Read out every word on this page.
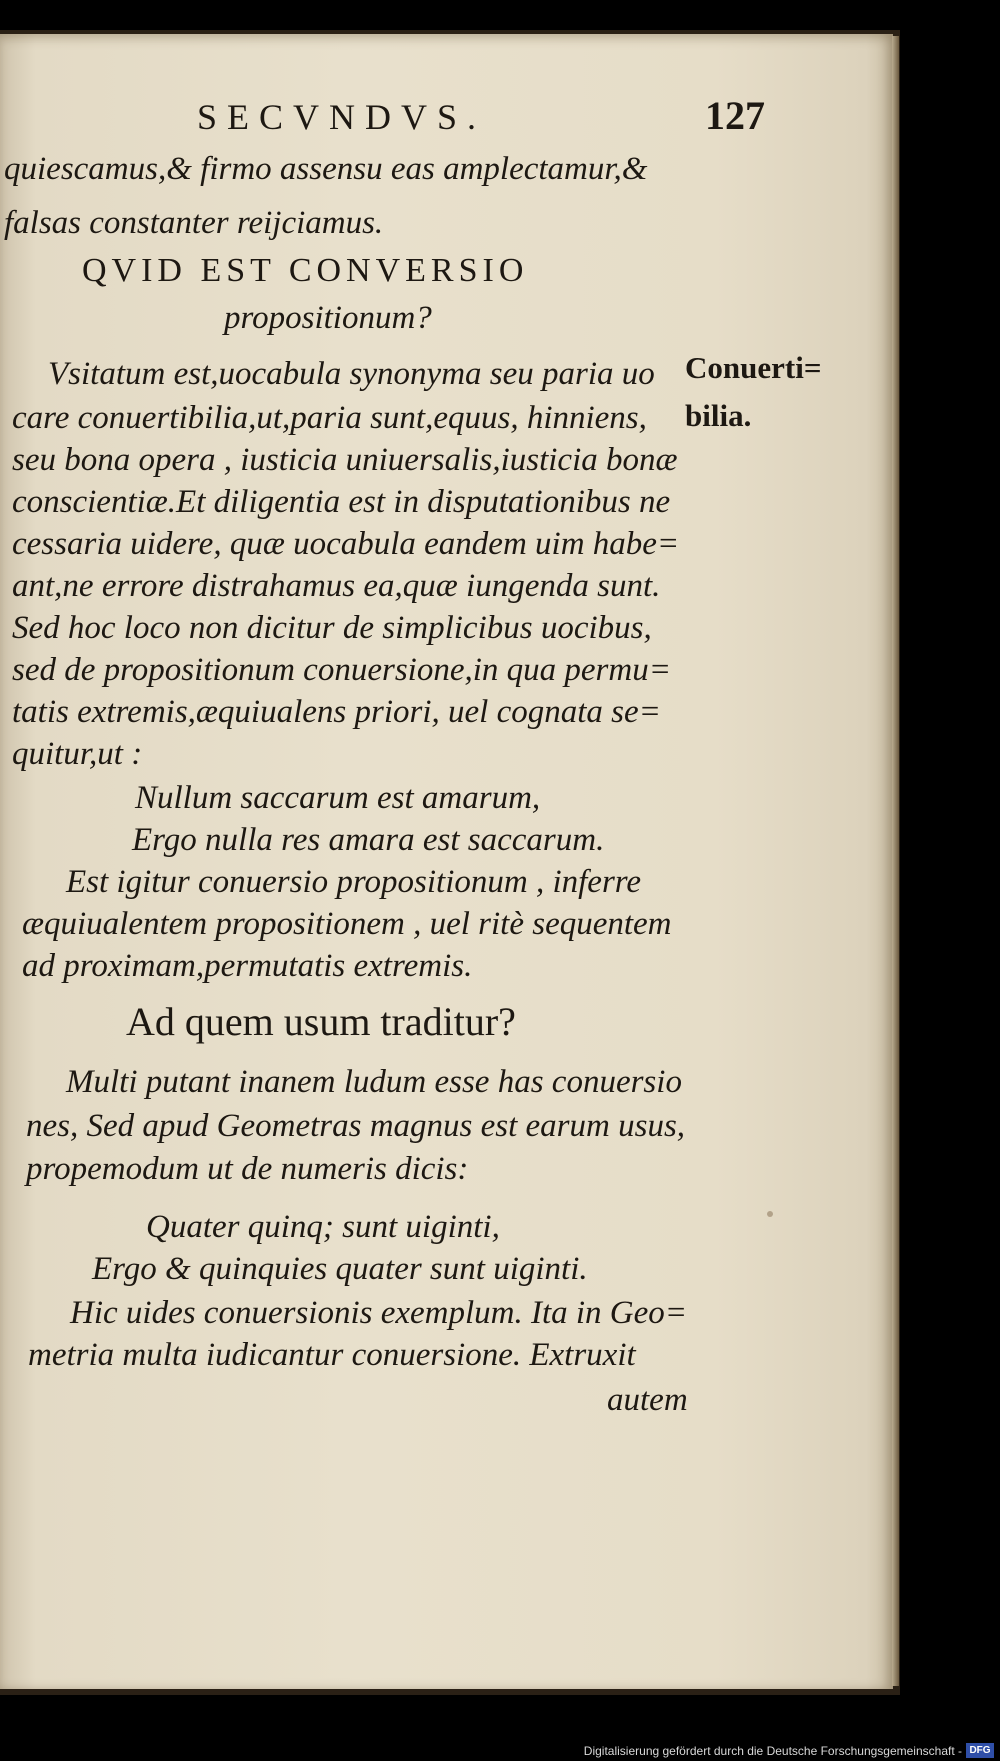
SECVNDVS.	127
quiescamus,& firmo assensu eas amplectamur,&
falsas constanter reijciamus.
QVID EST CONVERSIO
propositionum?
Conuerti=
bilia.
Vsitatum est,uocabula synonyma seu paria uo
care conuertibilia,ut,paria sunt,equus, hinniens,
seu bona opera , iusticia uniuersalis,iusticia bonæ
conscientiæ.Et diligentia est in disputationibus ne
cessaria uidere, quæ uocabula eandem uim habe=
ant,ne errore distrahamus ea,quæ iungenda sunt.
Sed hoc loco non dicitur de simplicibus uocibus,
sed de propositionum conuersione,in qua permu=
tatis extremis,æquiualens priori, uel cognata se=
quitur,ut :
Nullum saccarum est amarum,
Ergo nulla res amara est saccarum.
Est igitur conuersio propositionum , inferre
æquiualentem propositionem , uel ritè sequentem
ad proximam,permutatis extremis.
Ad quem usum traditur?
Multi putant inanem ludum esse has conuersio
nes, Sed apud Geometras magnus est earum usus,
propemodum ut de numeris dicis:
Quater quinq; sunt uiginti,
Ergo & quinquies quater sunt uiginti.
Hic uides conuersionis exemplum. Ita in Geo=
metria multa iudicantur conuersione. Extruxit
autem
Digitalisierung gefördert durch die Deutsche Forschungsgemeinschaft - DFG
